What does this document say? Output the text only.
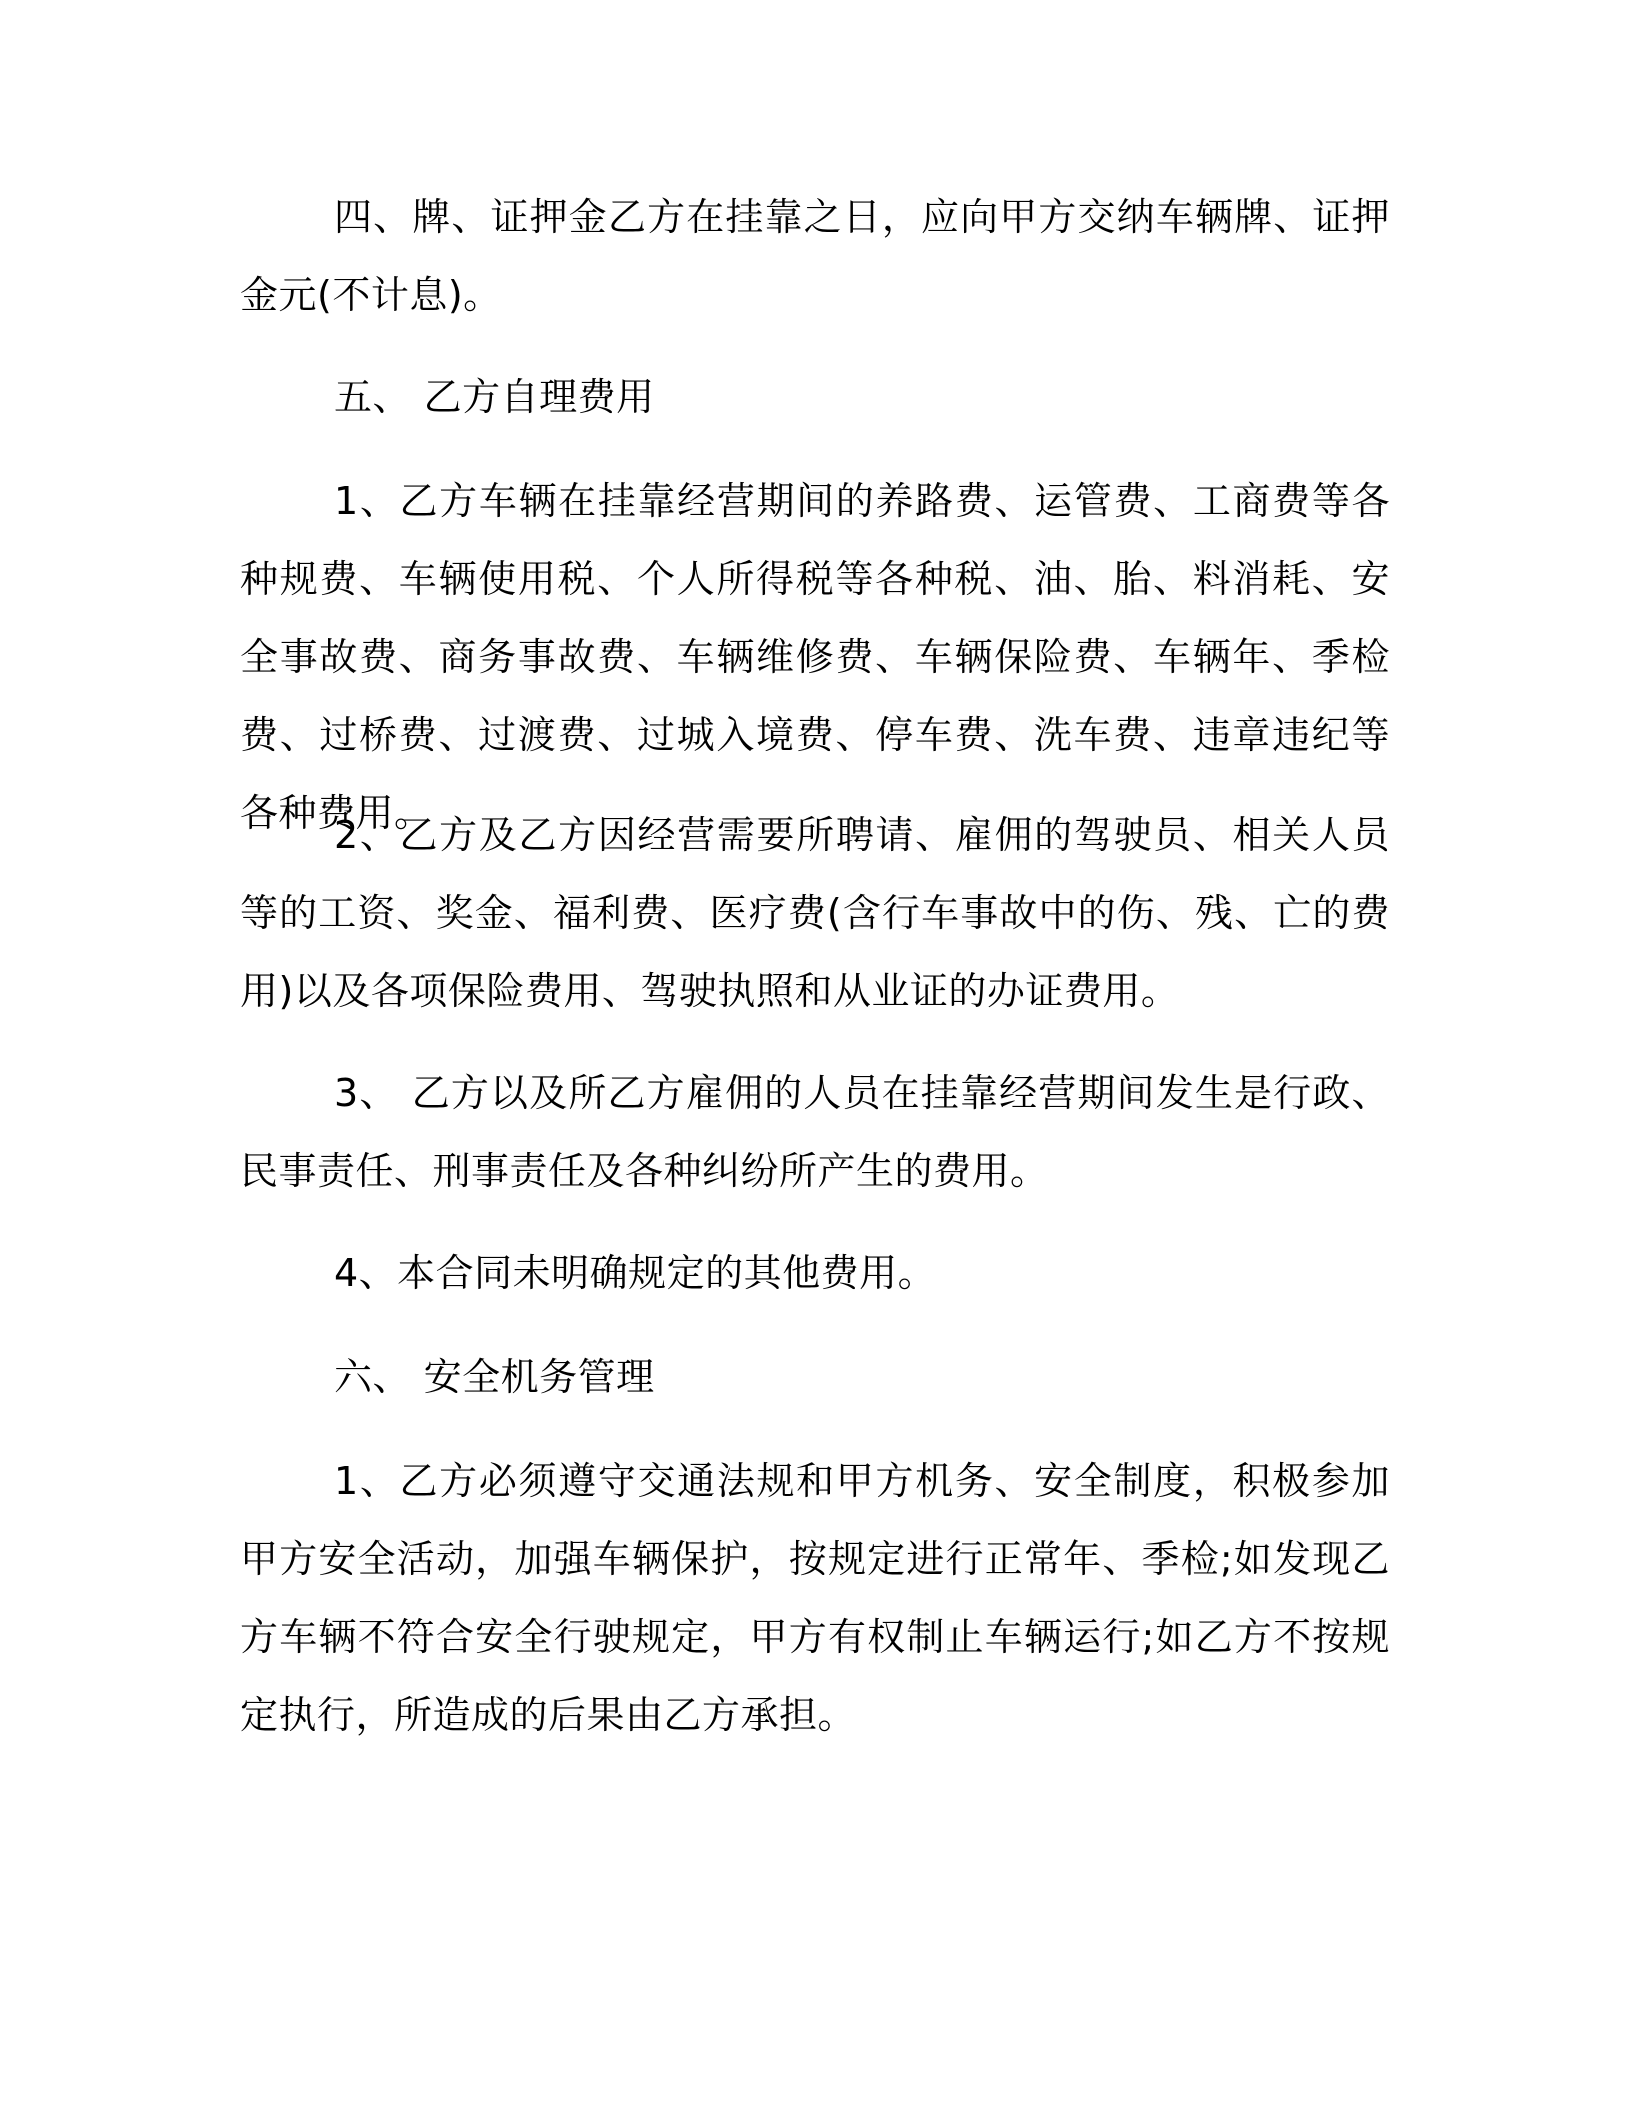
四、牌、证押金乙方在挂靠之日，应向甲方交纳车辆牌、证押金元(不计息)。

五、 乙方自理费用

1、乙方车辆在挂靠经营期间的养路费、运管费、工商费等各种规费、车辆使用税、个人所得税等各种税、油、胎、料消耗、安全事故费、商务事故费、车辆维修费、车辆保险费、车辆年、季检费、过桥费、过渡费、过城入境费、停车费、洗车费、违章违纪等各种费用。

2、乙方及乙方因经营需要所聘请、雇佣的驾驶员、相关人员等的工资、奖金、福利费、医疗费(含行车事故中的伤、残、亡的费用)以及各项保险费用、驾驶执照和从业证的办证费用。

3、 乙方以及所乙方雇佣的人员在挂靠经营期间发生是行政、民事责任、刑事责任及各种纠纷所产生的费用。

4、本合同未明确规定的其他费用。

六、 安全机务管理

1、乙方必须遵守交通法规和甲方机务、安全制度，积极参加甲方安全活动，加强车辆保护，按规定进行正常年、季检;如发现乙方车辆不符合安全行驶规定，甲方有权制止车辆运行;如乙方不按规定执行，所造成的后果由乙方承担。
